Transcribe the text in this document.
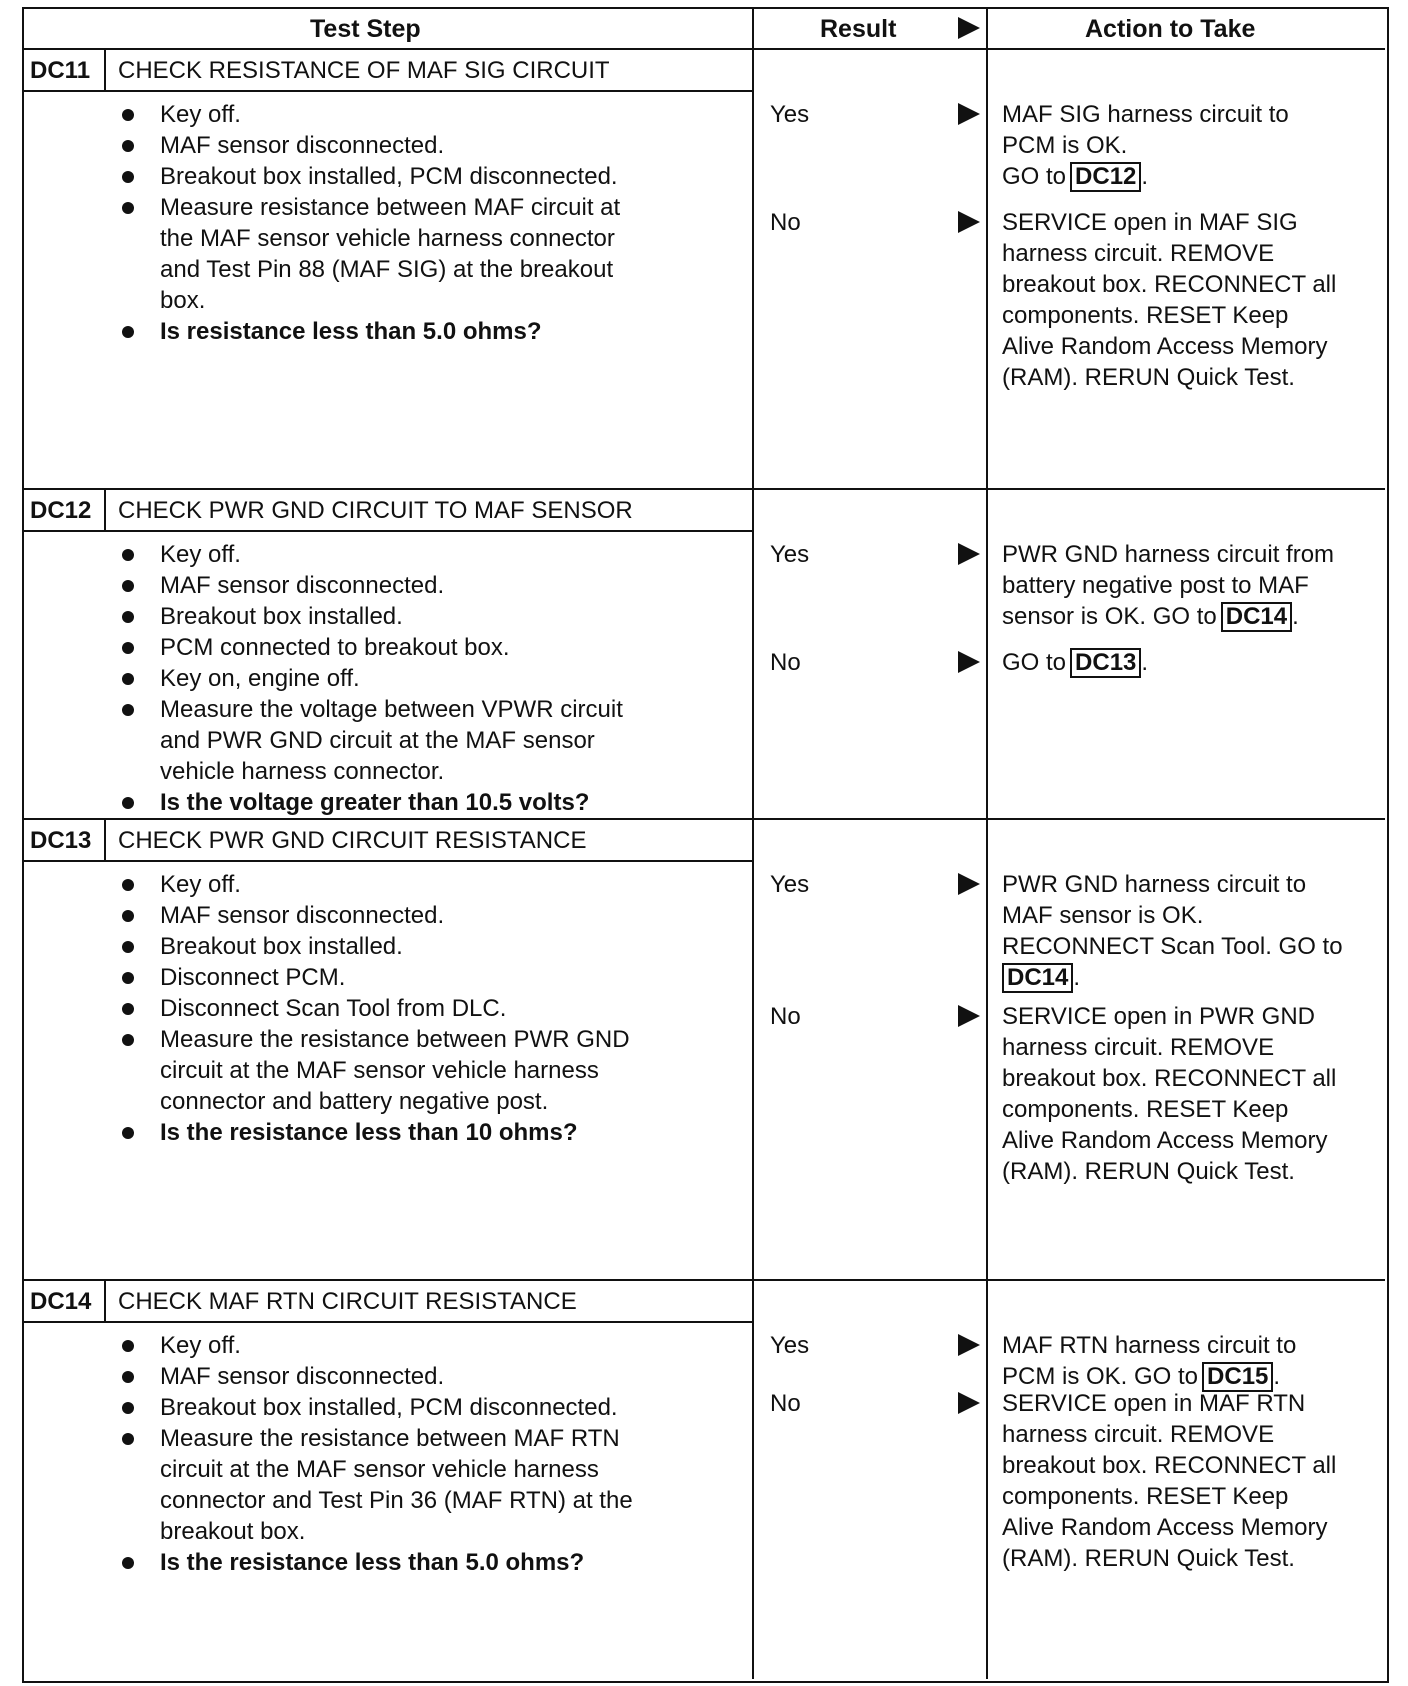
Test Step	Result	Action to Take
DC11 CHECK RESISTANCE OF MAF SIG CIRCUIT
Key off.
MAF sensor disconnected.
Breakout box installed, PCM disconnected.
Measure resistance between MAF circuit at
the MAF sensor vehicle harness connector
and Test Pin 88 (MAF SIG) at the breakout
box.
Is resistance less than 5.0 ohms?
Yes	MAF SIG harness circuit to
PCM is OK.
GO to DC12 .
No	SERVICE open in MAF SIG
harness circuit. REMOVE
breakout box. RECONNECT all
components. RESET Keep
Alive Random Access Memory
(RAM). RERUN Quick Test.
DC12 CHECK PWR GND CIRCUIT TO MAF SENSOR
Key off.
MAF sensor disconnected.
Breakout box installed.
PCM connected to breakout box.
Key on, engine off.
Measure the voltage between VPWR circuit
and PWR GND circuit at the MAF sensor
vehicle harness connector.
Is the voltage greater than 10.5 volts?
Yes	PWR GND harness circuit from
battery negative post to MAF
sensor is OK. GO to DC14 .
No	GO to DC13 .
DC13 CHECK PWR GND CIRCUIT RESISTANCE
Key off.
MAF sensor disconnected.
Breakout box installed.
Disconnect PCM.
Disconnect Scan Tool from DLC.
Measure the resistance between PWR GND
circuit at the MAF sensor vehicle harness
connector and battery negative post.
Is the resistance less than 10 ohms?
Yes	PWR GND harness circuit to
MAF sensor is OK.
RECONNECT Scan Tool. GO to
DC14 .
No	SERVICE open in PWR GND
harness circuit. REMOVE
breakout box. RECONNECT all
components. RESET Keep
Alive Random Access Memory
(RAM). RERUN Quick Test.
DC14 CHECK MAF RTN CIRCUIT RESISTANCE
Key off.
MAF sensor disconnected.
Breakout box installed, PCM disconnected.
Measure the resistance between MAF RTN
circuit at the MAF sensor vehicle harness
connector and Test Pin 36 (MAF RTN) at the
breakout box.
Is the resistance less than 5.0 ohms?
Yes	MAF RTN harness circuit to
PCM is OK. GO to DC15 .
No	SERVICE open in MAF RTN
harness circuit. REMOVE
breakout box. RECONNECT all
components. RESET Keep
Alive Random Access Memory
(RAM). RERUN Quick Test.
